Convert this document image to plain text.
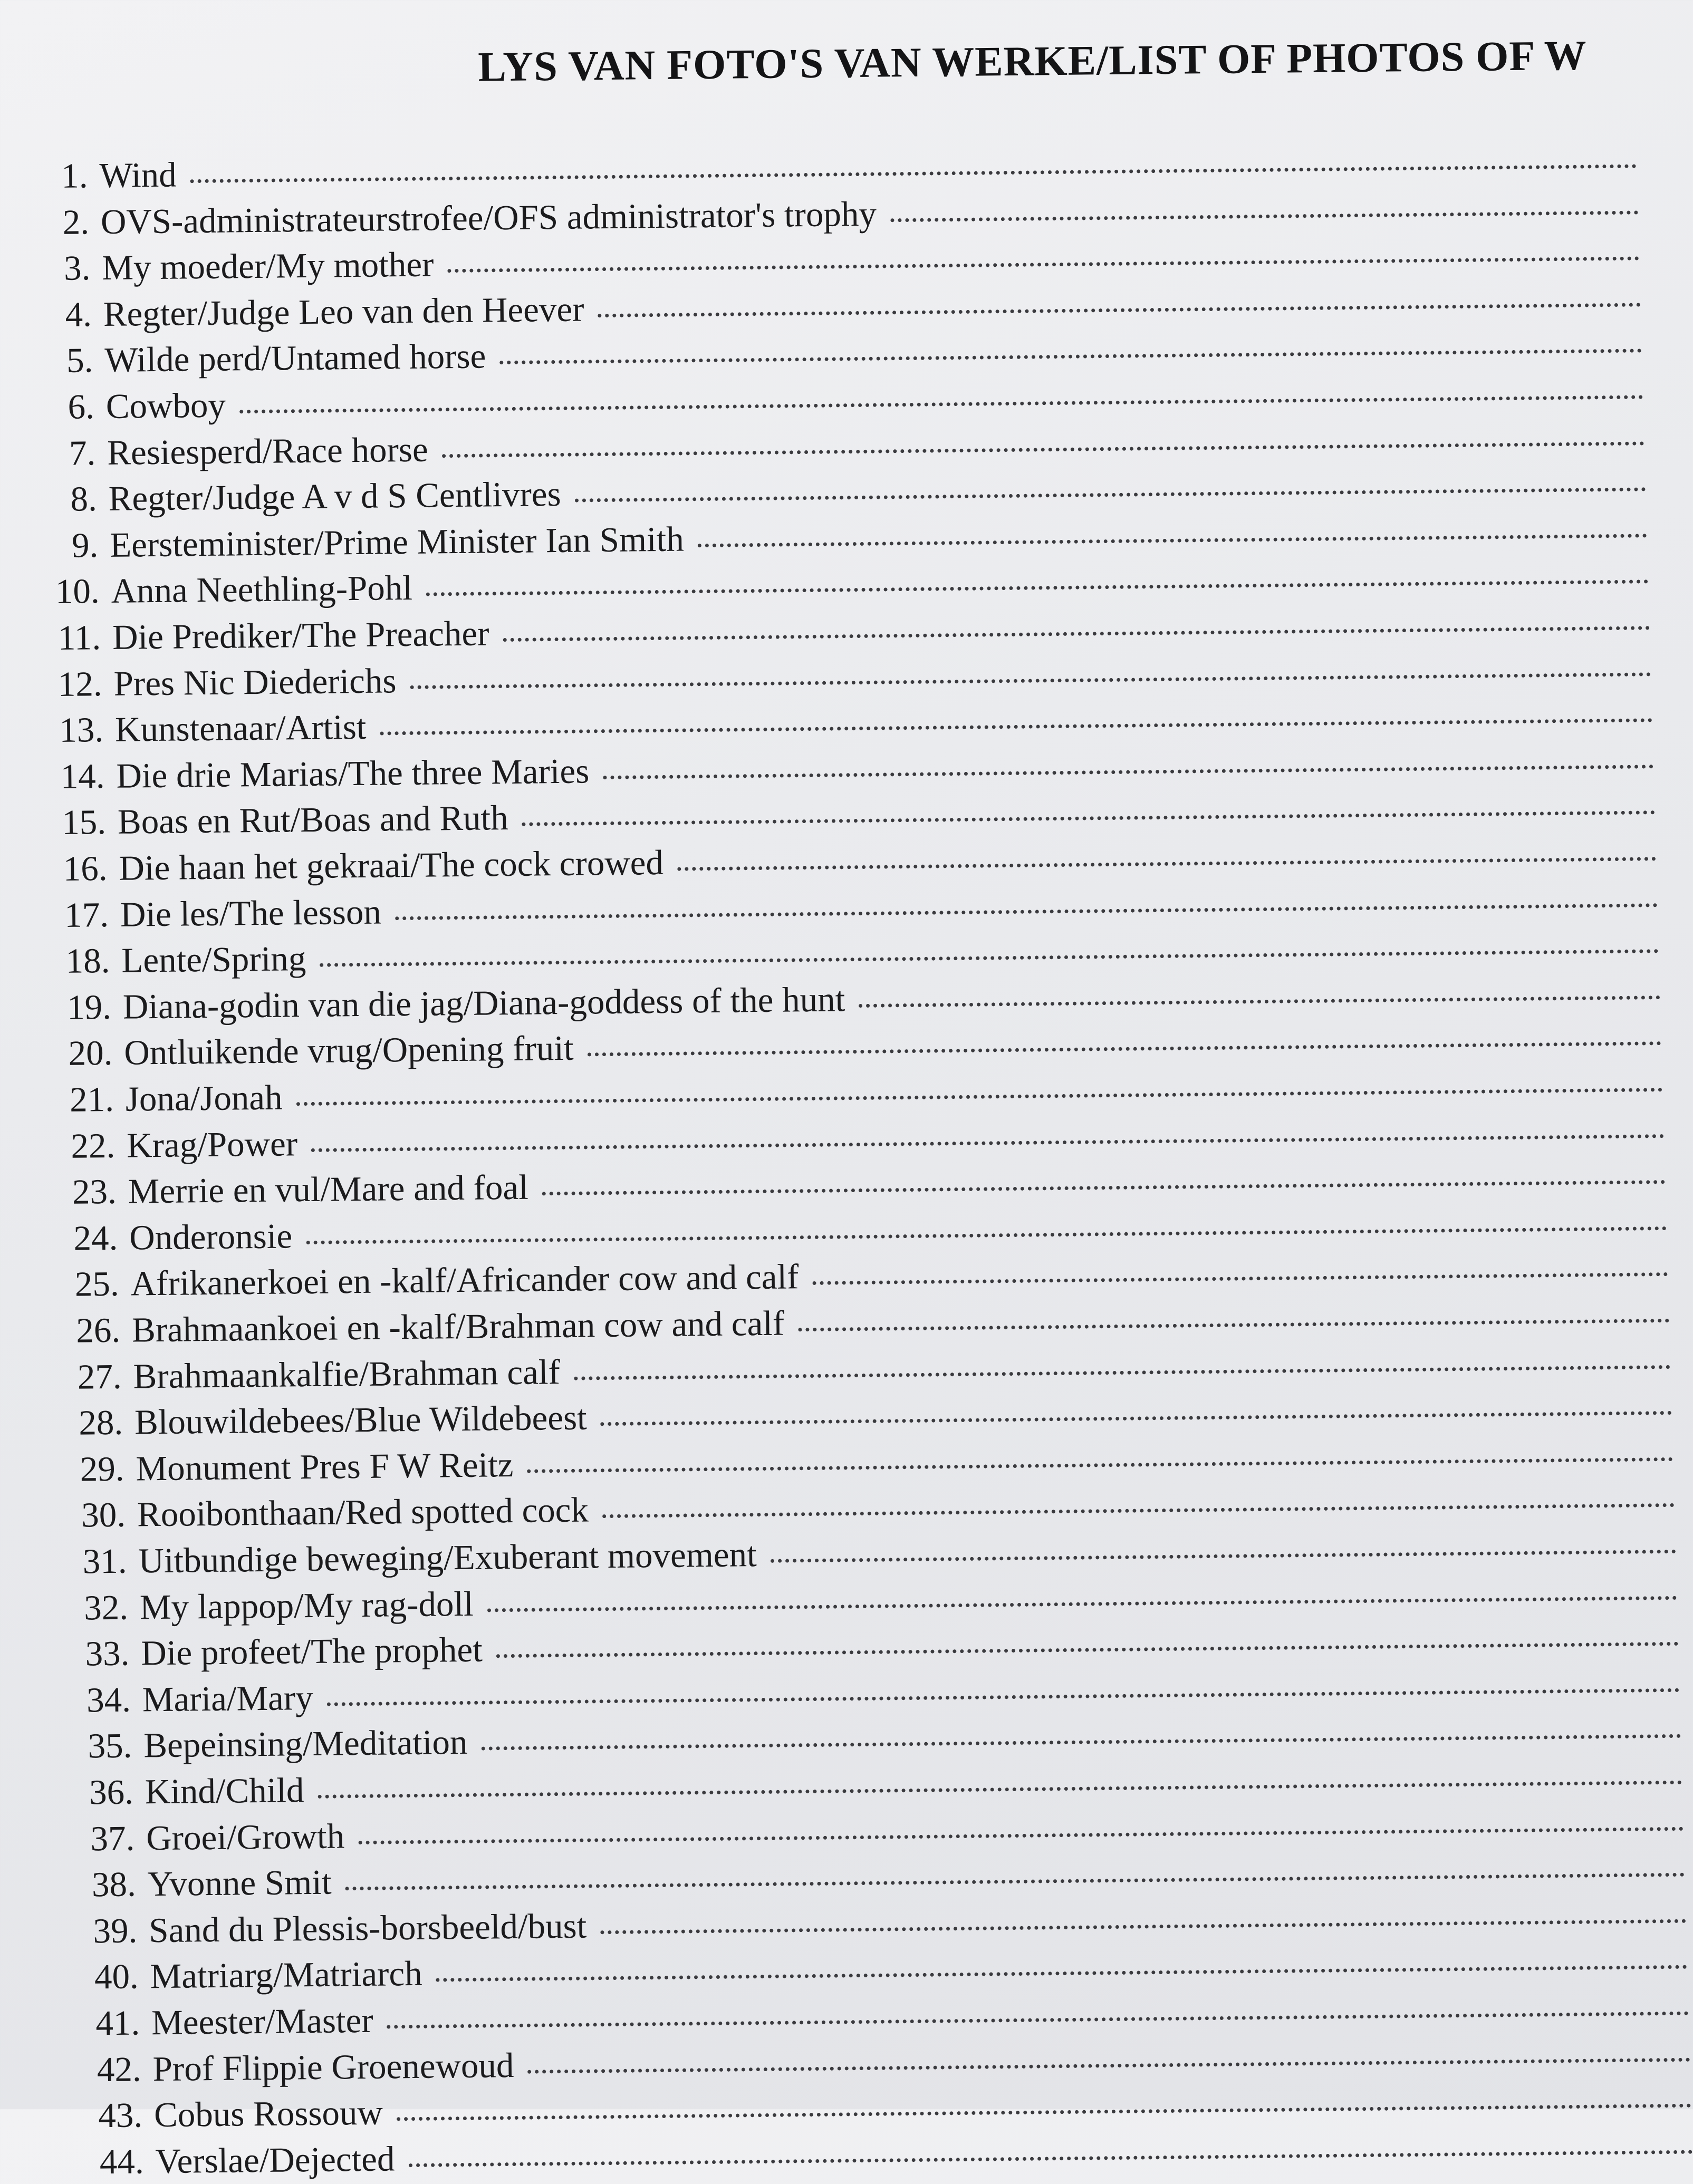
LYS VAN FOTO'S VAN WERKE/LIST OF PHOTOS OF W
1. Wind
2. OVS-administrateurstrofee/OFS administrator's trophy
3. My moeder/My mother
4. Regter/Judge Leo van den Heever
5. Wilde perd/Untamed horse
6. Cowboy
7. Resiesperd/Race horse
8. Regter/Judge A v d S Centlivres
9. Eersteminister/Prime Minister Ian Smith
10. Anna Neethling-Pohl
11. Die Prediker/The Preacher
12. Pres Nic Diederichs
13. Kunstenaar/Artist
14. Die drie Marias/The three Maries
15. Boas en Rut/Boas and Ruth
16. Die haan het gekraai/The cock crowed
17. Die les/The lesson
18. Lente/Spring
19. Diana-godin van die jag/Diana-goddess of the hunt
20. Ontluikende vrug/Opening fruit
21. Jona/Jonah
22. Krag/Power
23. Merrie en vul/Mare and foal
24. Onderonsie
25. Afrikanerkoei en -kalf/Africander cow and calf
26. Brahmaankoei en -kalf/Brahman cow and calf
27. Brahmaankalfie/Brahman calf
28. Blouwildebees/Blue Wildebeest
29. Monument Pres F W Reitz
30. Rooibonthaan/Red spotted cock
31. Uitbundige beweging/Exuberant movement
32. My lappop/My rag-doll
33. Die profeet/The prophet
34. Maria/Mary
35. Bepeinsing/Meditation
36. Kind/Child
37. Groei/Growth
38. Yvonne Smit
39. Sand du Plessis-borsbeeld/bust
40. Matriarg/Matriarch
41. Meester/Master
42. Prof Flippie Groenewoud
43. Cobus Rossouw
44. Verslae/Dejected
